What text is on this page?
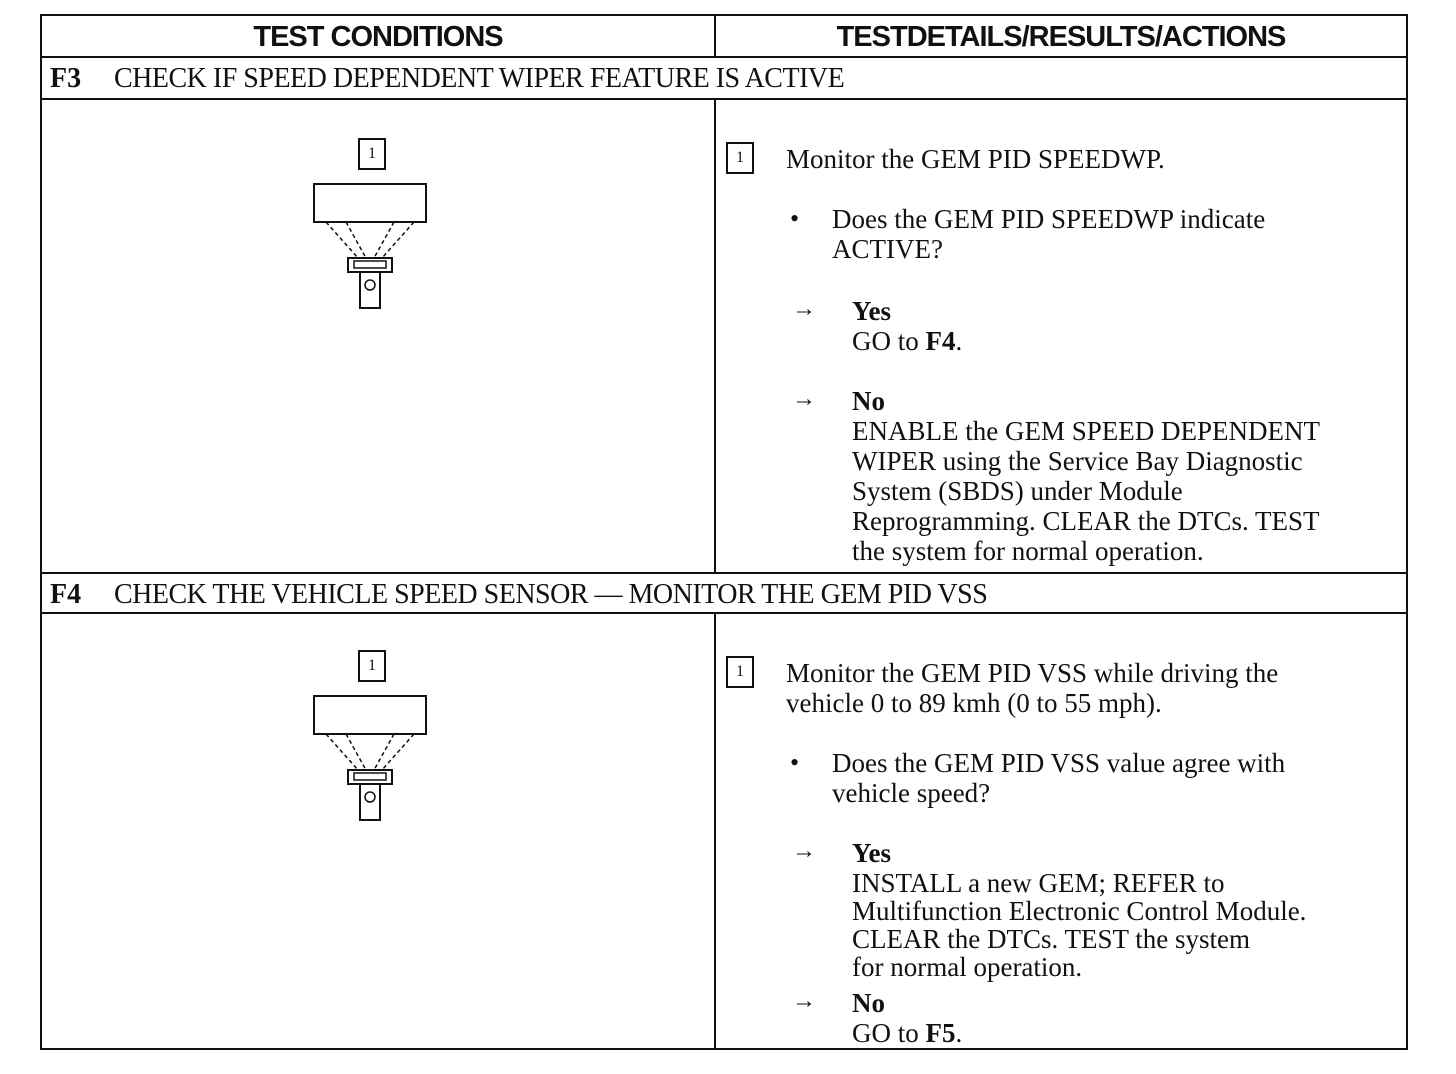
TEST CONDITIONS	TESTDETAILS/RESULTS/ACTIONS
F3 CHECK IF SPEED DEPENDENT WIPER FEATURE IS ACTIVE
1	1	Monitor the GEM PID SPEEDWP.
• Does the GEM PID SPEEDWP indicate
ACTIVE?
→ Yes
GO to F4.
→ No
ENABLE the GEM SPEED DEPENDENT
WIPER using the Service Bay Diagnostic
System (SBDS) under Module
Reprogramming. CLEAR the DTCs. TEST
the system for normal operation.
F4 CHECK THE VEHICLE SPEED SENSOR — MONITOR THE GEM PID VSS
1	1	Monitor the GEM PID VSS while driving the
vehicle 0 to 89 kmh (0 to 55 mph).
• Does the GEM PID VSS value agree with
vehicle speed?
→ Yes
INSTALL a new GEM; REFER to
Multifunction Electronic Control Module.
CLEAR the DTCs. TEST the system
for normal operation.
→ No
GO to F5.
